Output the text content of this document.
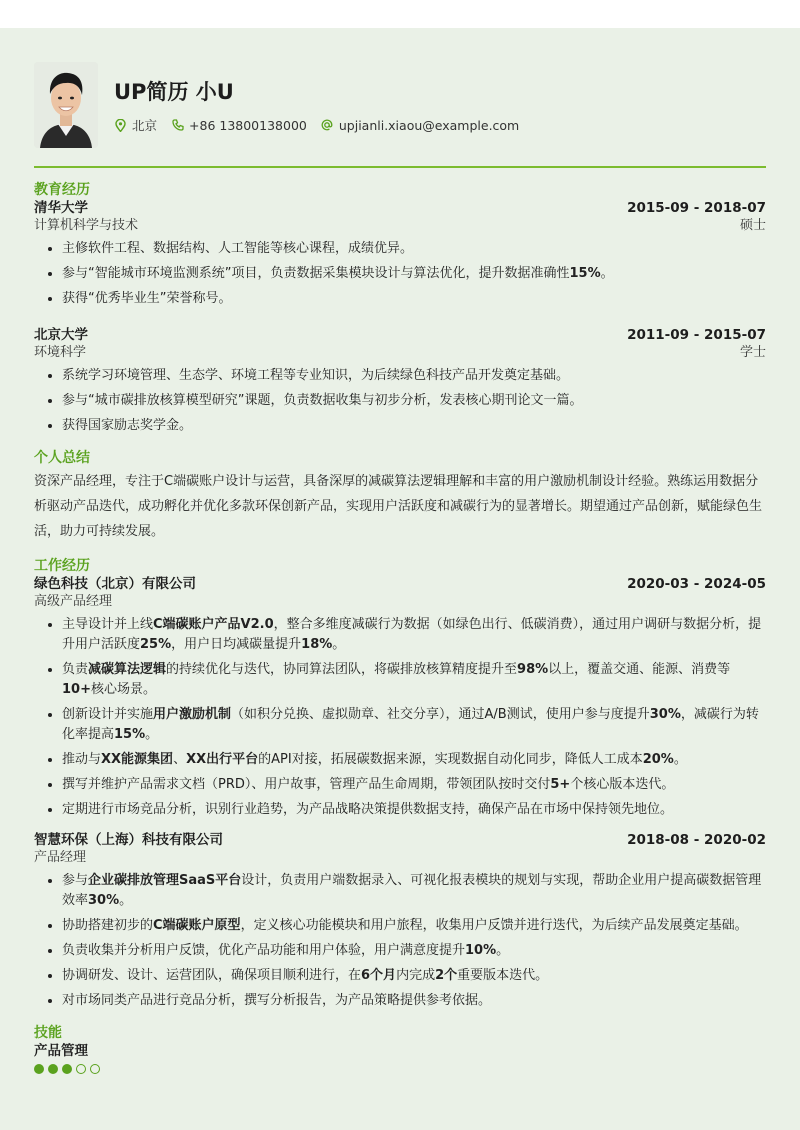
UP简历 小U
北京	+86 13800138000	upjianli.xiaou@example.com
教育经历
清华大学	2015-09 - 2018-07
计算机科学与技术	硕士
• 主修软件工程、数据结构、人工智能等核心课程，成绩优异。
• 参与“智能城市环境监测系统”项目，负责数据采集模块设计与算法优化，提升数据准确性15%。
• 获得“优秀毕业生”荣誉称号。
北京大学	2011-09 - 2015-07
环境科学	学士
• 系统学习环境管理、生态学、环境工程等专业知识，为后续绿色科技产品开发奠定基础。
• 参与“城市碳排放核算模型研究”课题，负责数据收集与初步分析，发表核心期刊论文一篇。
• 获得国家励志奖学金。
个人总结
资深产品经理，专注于C端碳账户设计与运营，具备深厚的减碳算法逻辑理解和丰富的用户激励机制设计经验。熟练运用数据分析驱动产品迭代，成功孵化并优化多款环保创新产品，实现用户活跃度和减碳行为的显著增长。期望通过产品创新，赋能绿色生活，助力可持续发展。
工作经历
绿色科技（北京）有限公司	2020-03 - 2024-05
高级产品经理
• 主导设计并上线C端碳账户产品V2.0，整合多维度减碳行为数据（如绿色出行、低碳消费），通过用户调研与数据分析，提升用户活跃度25%，用户日均减碳量提升18%。
• 负责减碳算法逻辑的持续优化与迭代，协同算法团队，将碳排放核算精度提升至98%以上，覆盖交通、能源、消费等10+核心场景。
• 创新设计并实施用户激励机制（如积分兑换、虚拟勋章、社交分享），通过A/B测试，使用户参与度提升30%，减碳行为转化率提高15%。
• 推动与XX能源集团、XX出行平台的API对接，拓展碳数据来源，实现数据自动化同步，降低人工成本20%。
• 撰写并维护产品需求文档（PRD）、用户故事，管理产品生命周期，带领团队按时交付5+个核心版本迭代。
• 定期进行市场竞品分析，识别行业趋势，为产品战略决策提供数据支持，确保产品在市场中保持领先地位。
智慧环保（上海）科技有限公司	2018-08 - 2020-02
产品经理
• 参与企业碳排放管理SaaS平台设计，负责用户端数据录入、可视化报表模块的规划与实现，帮助企业用户提高碳数据管理效率30%。
• 协助搭建初步的C端碳账户原型，定义核心功能模块和用户旅程，收集用户反馈并进行迭代，为后续产品发展奠定基础。
• 负责收集并分析用户反馈，优化产品功能和用户体验，用户满意度提升10%。
• 协调研发、设计、运营团队，确保项目顺利进行，在6个月内完成2个重要版本迭代。
• 对市场同类产品进行竞品分析，撰写分析报告，为产品策略提供参考依据。
技能
产品管理
